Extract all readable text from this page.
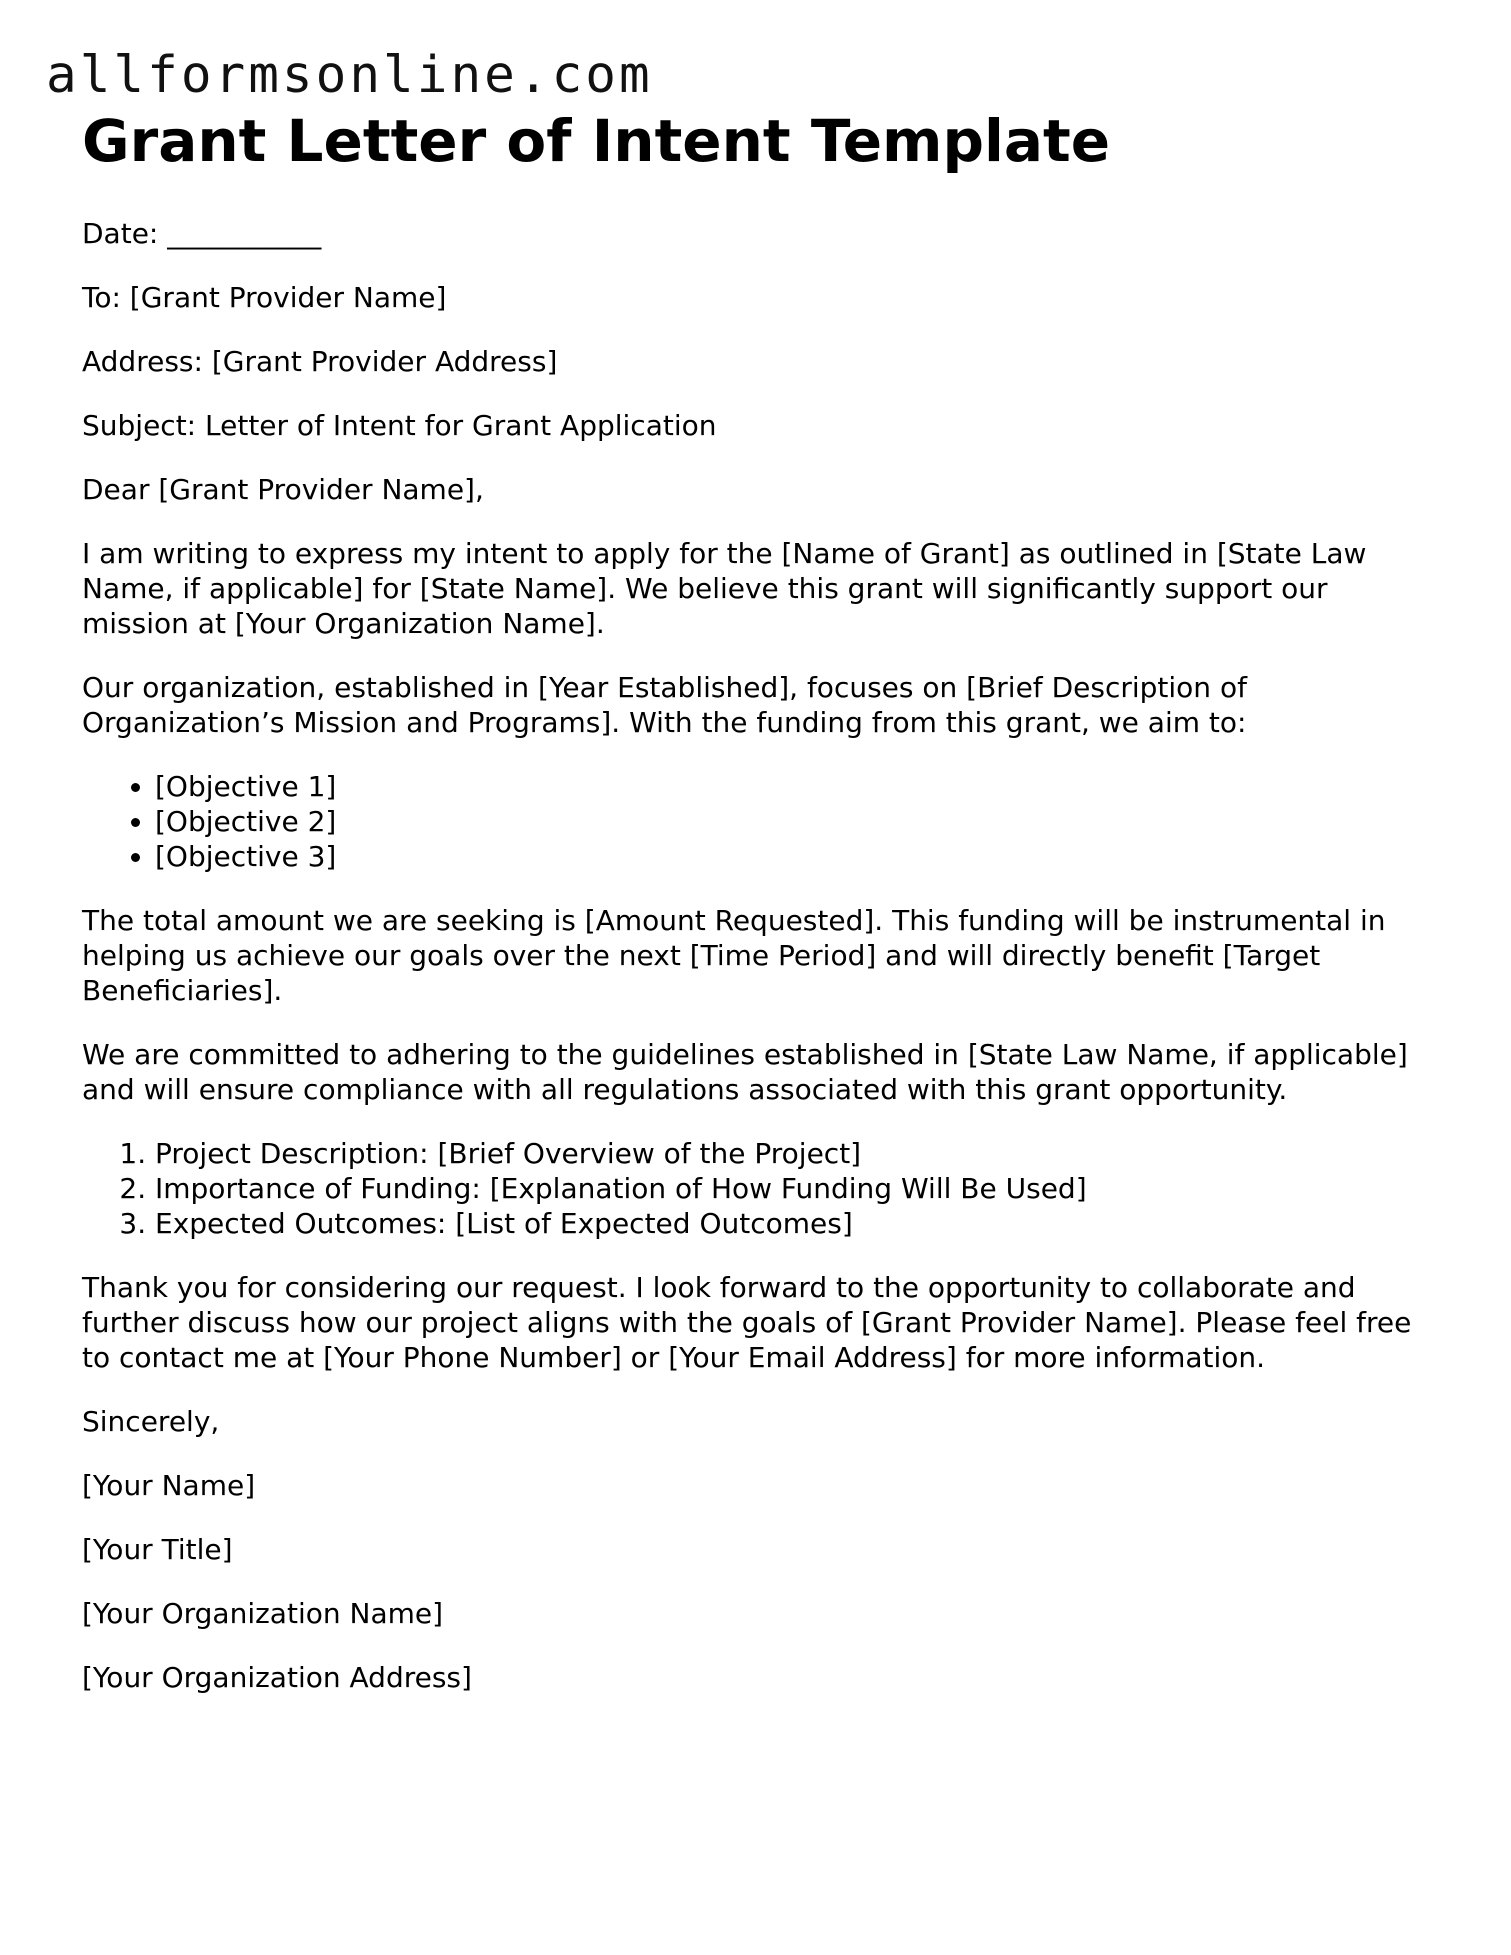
allformsonline.com
Grant Letter of Intent Template

Date: ___________

To: [Grant Provider Name]

Address: [Grant Provider Address]

Subject: Letter of Intent for Grant Application

Dear [Grant Provider Name],

I am writing to express my intent to apply for the [Name of Grant] as outlined in [State Law Name, if applicable] for [State Name]. We believe this grant will significantly support our mission at [Your Organization Name].

Our organization, established in [Year Established], focuses on [Brief Description of Organization’s Mission and Programs]. With the funding from this grant, we aim to:

• [Objective 1]
• [Objective 2]
• [Objective 3]

The total amount we are seeking is [Amount Requested]. This funding will be instrumental in helping us achieve our goals over the next [Time Period] and will directly benefit [Target Beneficiaries].

We are committed to adhering to the guidelines established in [State Law Name, if applicable] and will ensure compliance with all regulations associated with this grant opportunity.

1. Project Description: [Brief Overview of the Project]
2. Importance of Funding: [Explanation of How Funding Will Be Used]
3. Expected Outcomes: [List of Expected Outcomes]

Thank you for considering our request. I look forward to the opportunity to collaborate and further discuss how our project aligns with the goals of [Grant Provider Name]. Please feel free to contact me at [Your Phone Number] or [Your Email Address] for more information.

Sincerely,

[Your Name]

[Your Title]

[Your Organization Name]

[Your Organization Address]
